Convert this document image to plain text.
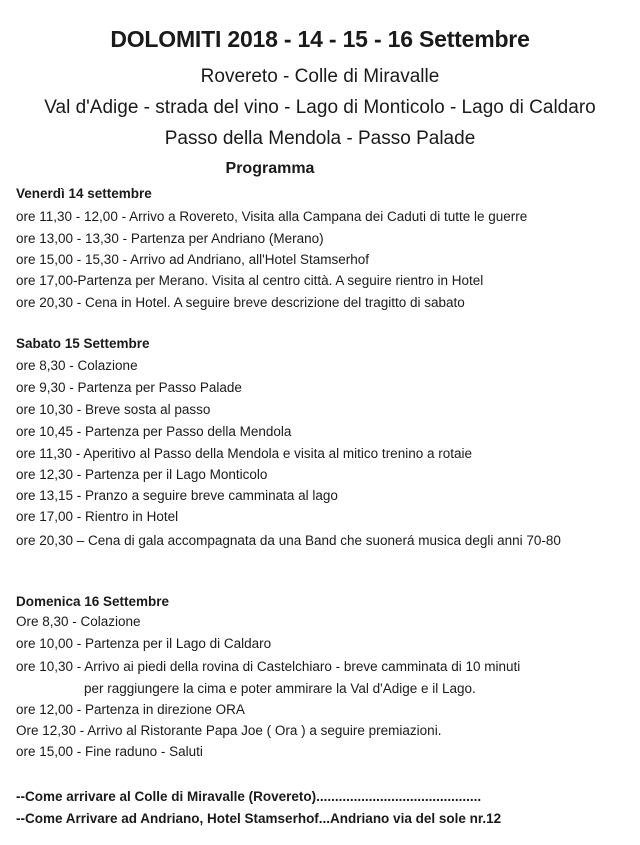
DOLOMITI 2018 - 14 - 15 - 16 Settembre
Rovereto - Colle di Miravalle
Val d'Adige - strada del vino - Lago di Monticolo - Lago di Caldaro
Passo della Mendola - Passo Palade
Programma
Venerdì 14 settembre
ore 11,30 - 12,00 - Arrivo a Rovereto, Visita alla Campana dei Caduti di tutte le guerre
ore 13,00 - 13,30 - Partenza per Andriano (Merano)
ore 15,00 - 15,30 - Arrivo ad Andriano, all'Hotel Stamserhof
ore 17,00-Partenza per Merano. Visita al centro città. A seguire rientro in Hotel
ore 20,30 - Cena in Hotel. A seguire breve descrizione del tragitto di sabato
Sabato 15 Settembre
ore 8,30 - Colazione
ore 9,30 - Partenza per Passo Palade
ore 10,30 - Breve sosta al passo
ore 10,45 - Partenza per Passo della Mendola
ore 11,30 - Aperitivo al Passo della Mendola e visita al mitico trenino a rotaie
ore 12,30 - Partenza per il Lago Monticolo
ore 13,15 - Pranzo a seguire breve camminata al lago
ore 17,00 - Rientro in Hotel
ore 20,30 – Cena di gala accompagnata da una Band che suonerá musica degli anni 70-80
Domenica 16 Settembre
Ore 8,30 - Colazione
ore 10,00 - Partenza per il Lago di Caldaro
ore 10,30 - Arrivo ai piedi della rovina di Castelchiaro - breve camminata di 10 minuti
per raggiungere la cima e poter ammirare la Val d'Adige e il Lago.
ore 12,00 - Partenza in direzione ORA
Ore 12,30 - Arrivo al Ristorante Papa Joe ( Ora ) a seguire premiazioni.
ore 15,00 - Fine raduno - Saluti
--Come arrivare al Colle di Miravalle (Rovereto)............................................
--Come Arrivare ad Andriano, Hotel Stamserhof...Andriano via del sole nr.12
